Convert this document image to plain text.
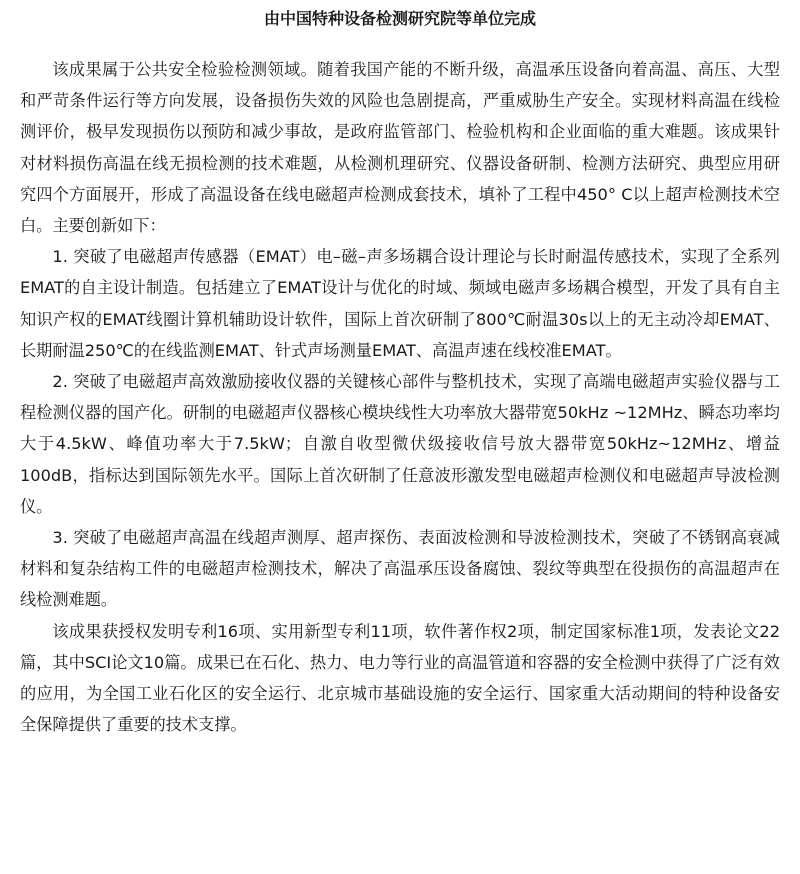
由中国特种设备检测研究院等单位完成

该成果属于公共安全检验检测领域。随着我国产能的不断升级，高温承压设备向着高温、高压、大型和严苛条件运行等方向发展，设备损伤失效的风险也急剧提高，严重威胁生产安全。实现材料高温在线检测评价，极早发现损伤以预防和减少事故，是政府监管部门、检验机构和企业面临的重大难题。该成果针对材料损伤高温在线无损检测的技术难题，从检测机理研究、仪器设备研制、检测方法研究、典型应用研究四个方面展开，形成了高温设备在线电磁超声检测成套技术，填补了工程中450° C以上超声检测技术空白。主要创新如下：

1. 突破了电磁超声传感器（EMAT）电–磁–声多场耦合设计理论与长时耐温传感技术，实现了全系列EMAT的自主设计制造。包括建立了EMAT设计与优化的时域、频域电磁声多场耦合模型，开发了具有自主知识产权的EMAT线圈计算机辅助设计软件，国际上首次研制了800℃耐温30s以上的无主动冷却EMAT、长期耐温250℃的在线监测EMAT、针式声场测量EMAT、高温声速在线校准EMAT。

2. 突破了电磁超声高效激励接收仪器的关键核心部件与整机技术，实现了高端电磁超声实验仪器与工程检测仪器的国产化。研制的电磁超声仪器核心模块线性大功率放大器带宽50kHz ~12MHz、瞬态功率均大于4.5kW、峰值功率大于7.5kW；自激自收型微伏级接收信号放大器带宽50kHz~12MHz、增益100dB，指标达到国际领先水平。国际上首次研制了任意波形激发型电磁超声检测仪和电磁超声导波检测仪。

3. 突破了电磁超声高温在线超声测厚、超声探伤、表面波检测和导波检测技术，突破了不锈钢高衰减材料和复杂结构工件的电磁超声检测技术，解决了高温承压设备腐蚀、裂纹等典型在役损伤的高温超声在线检测难题。

该成果获授权发明专利16项、实用新型专利11项，软件著作权2项，制定国家标准1项，发表论文22篇，其中SCI论文10篇。成果已在石化、热力、电力等行业的高温管道和容器的安全检测中获得了广泛有效的应用，为全国工业石化区的安全运行、北京城市基础设施的安全运行、国家重大活动期间的特种设备安全保障提供了重要的技术支撑。
